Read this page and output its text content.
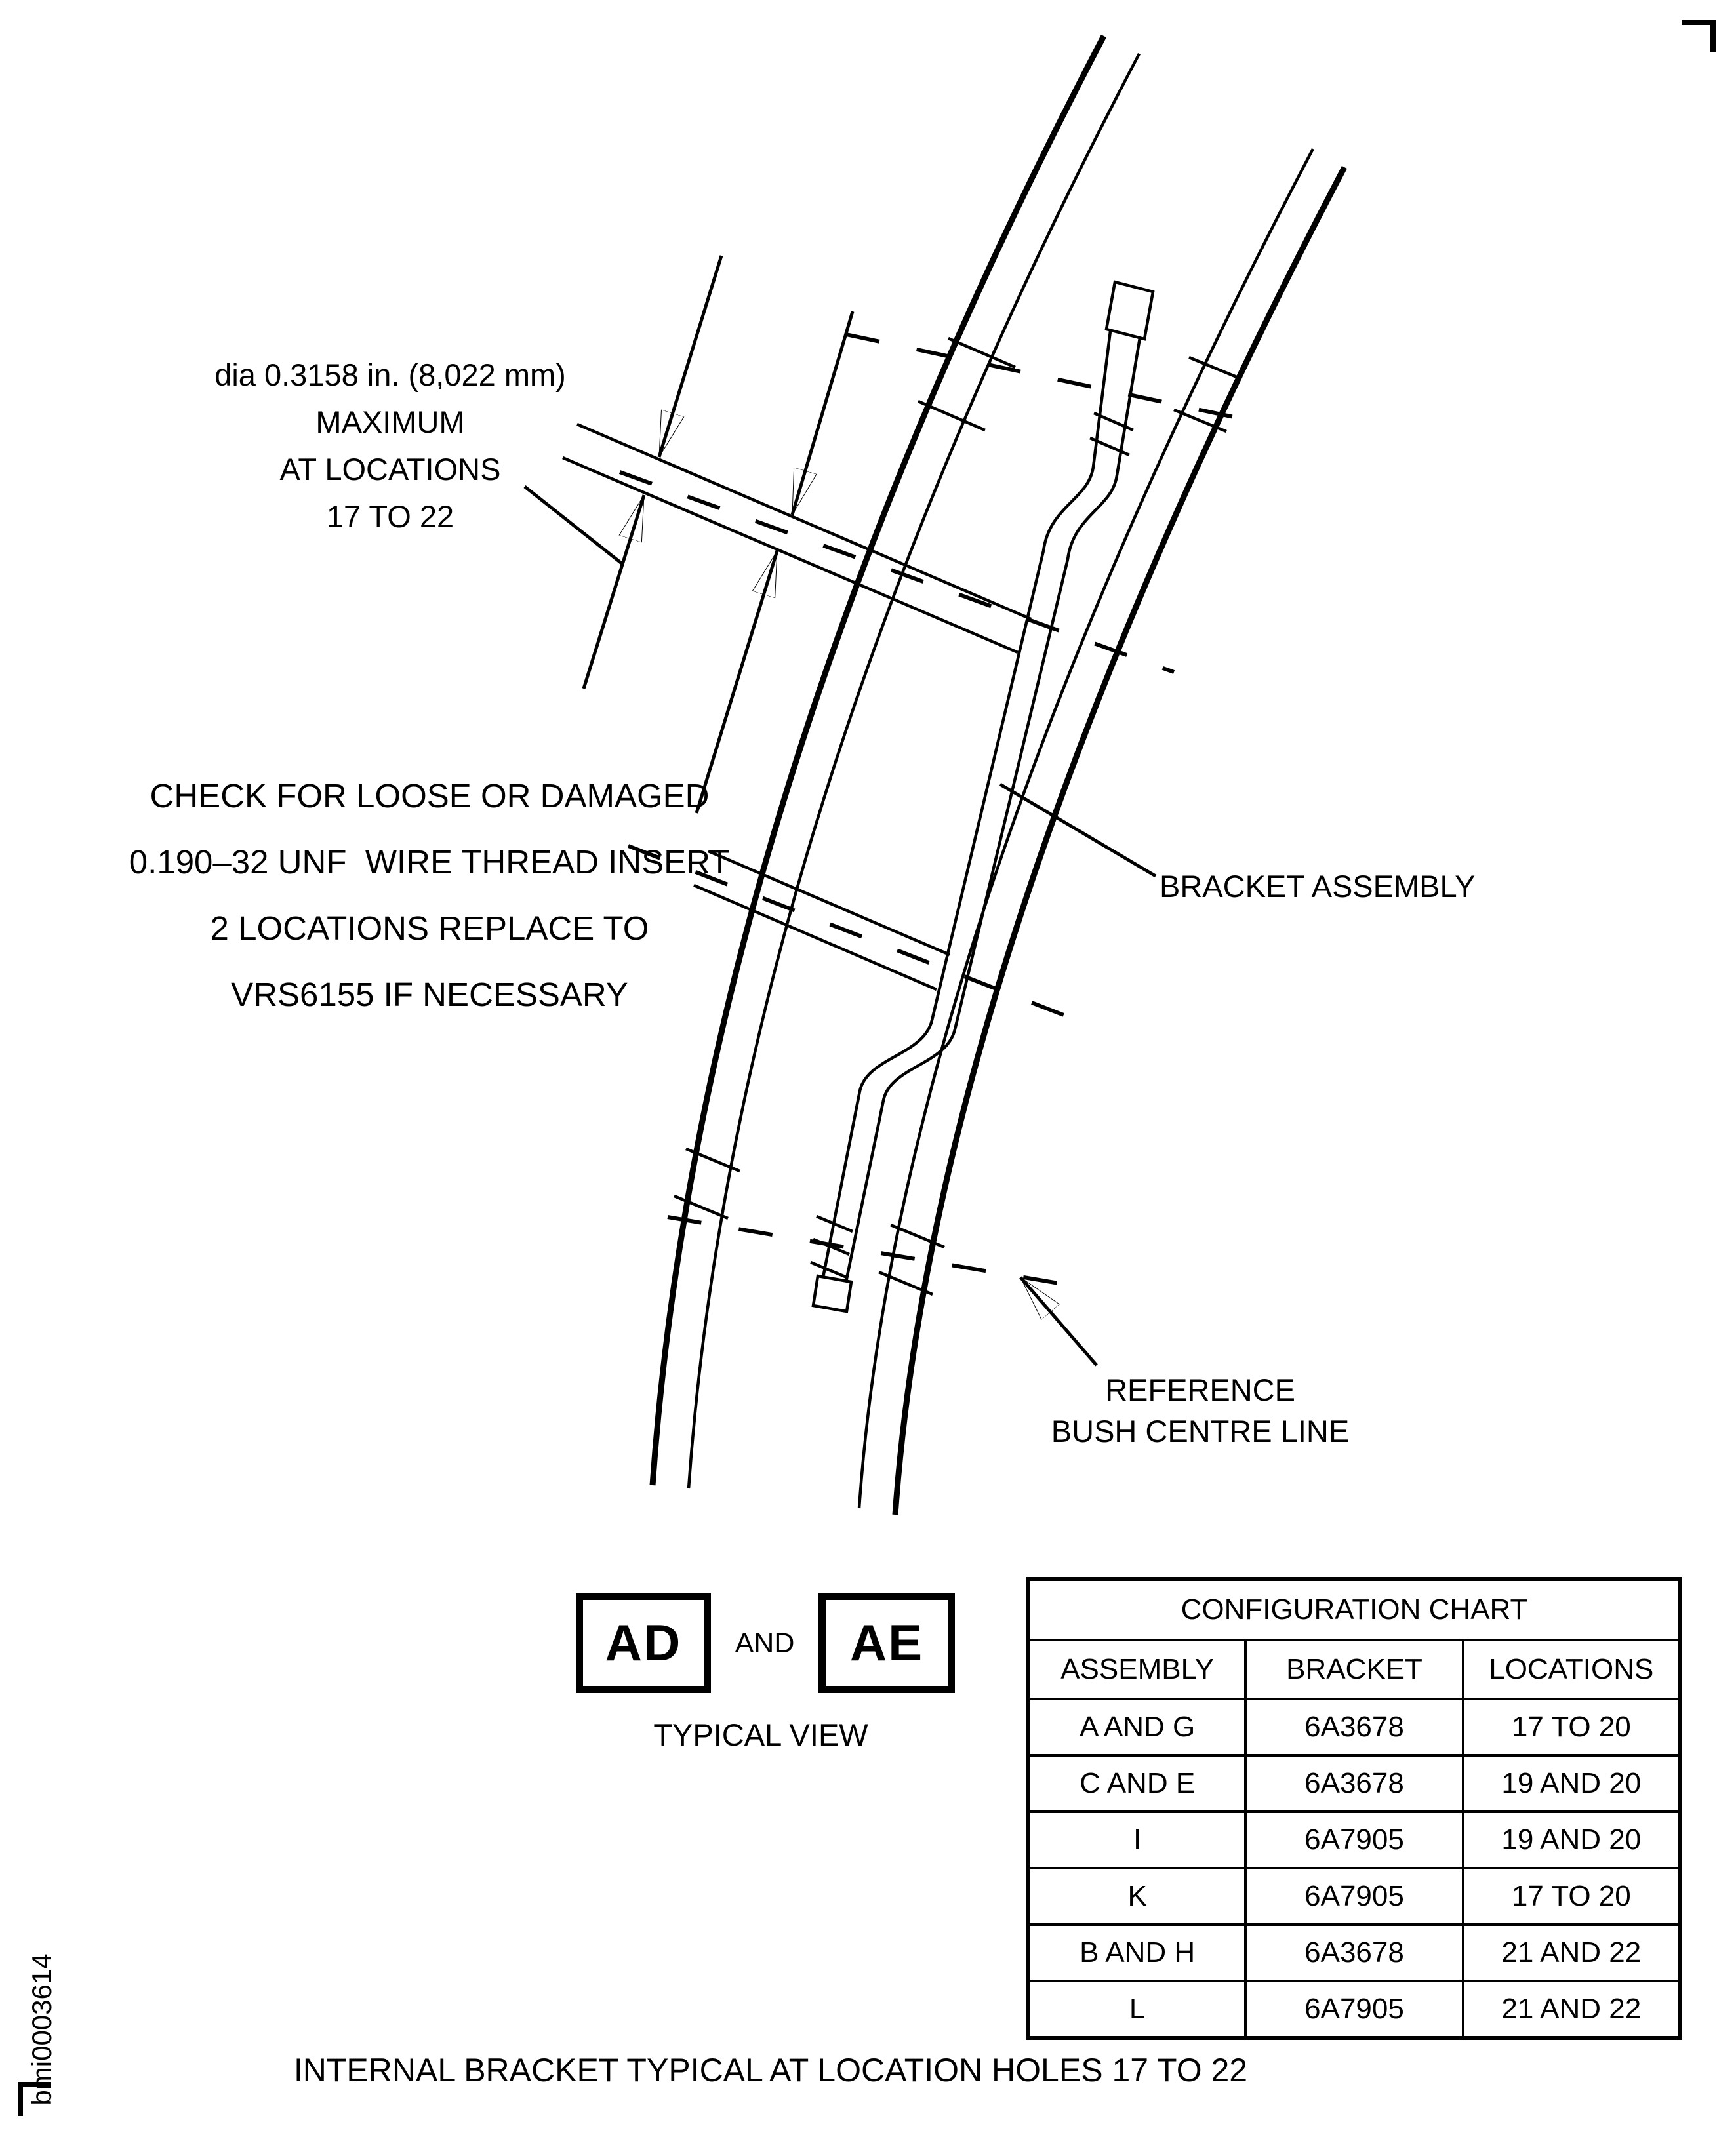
dia 0.3158 in. (8,022 mm)
MAXIMUM
AT LOCATIONS
17 TO 22
CHECK FOR LOOSE OR DAMAGED
0.190–32 UNF  WIRE THREAD INSERT
2 LOCATIONS REPLACE TO
VRS6155 IF NECESSARY
BRACKET ASSEMBLY
REFERENCE
BUSH CENTRE LINE
AD	AND	AE
TYPICAL VIEW
CONFIGURATION CHART		
ASSEMBLY	BRACKET	LOCATIONS
A AND G	6A3678	17 TO 20
C AND E	6A3678	19 AND 20
I	6A7905	19 AND 20
K	6A7905	17 TO 20
B AND H	6A3678	21 AND 22
L	6A7905	21 AND 22
INTERNAL BRACKET TYPICAL AT LOCATION HOLES 17 TO 22
bmi0003614
